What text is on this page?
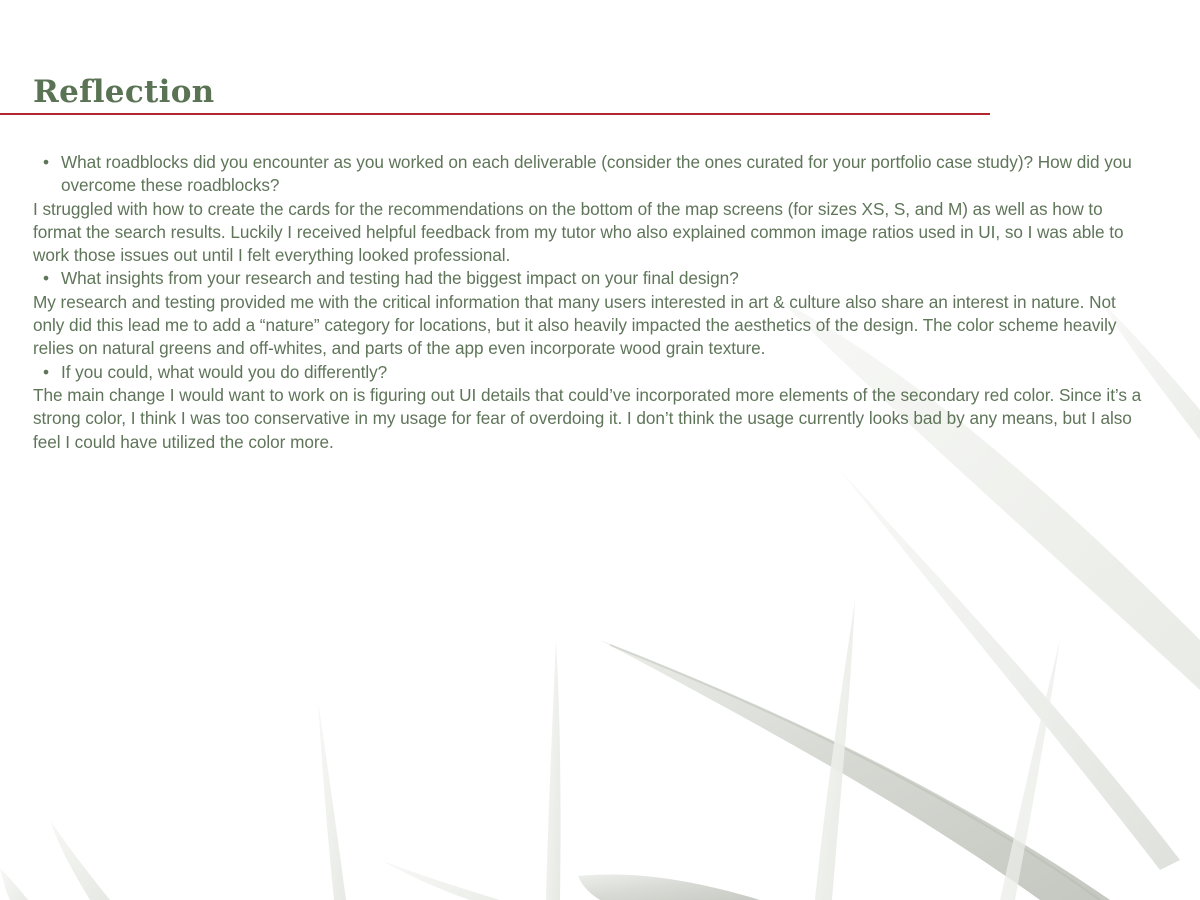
Reflection

• What roadblocks did you encounter as you worked on each deliverable (consider the ones curated for your portfolio case study)? How did you overcome these roadblocks?

I struggled with how to create the cards for the recommendations on the bottom of the map screens (for sizes XS, S, and M) as well as how to format the search results. Luckily I received helpful feedback from my tutor who also explained common image ratios used in UI, so I was able to work those issues out until I felt everything looked professional.

• What insights from your research and testing had the biggest impact on your final design?

My research and testing provided me with the critical information that many users interested in art & culture also share an interest in nature. Not only did this lead me to add a “nature” category for locations, but it also heavily impacted the aesthetics of the design. The color scheme heavily relies on natural greens and off-whites, and parts of the app even incorporate wood grain texture.

• If you could, what would you do differently?

The main change I would want to work on is figuring out UI details that could’ve incorporated more elements of the secondary red color. Since it’s a strong color, I think I was too conservative in my usage for fear of overdoing it. I don’t think the usage currently looks bad by any means, but I also feel I could have utilized the color more.
